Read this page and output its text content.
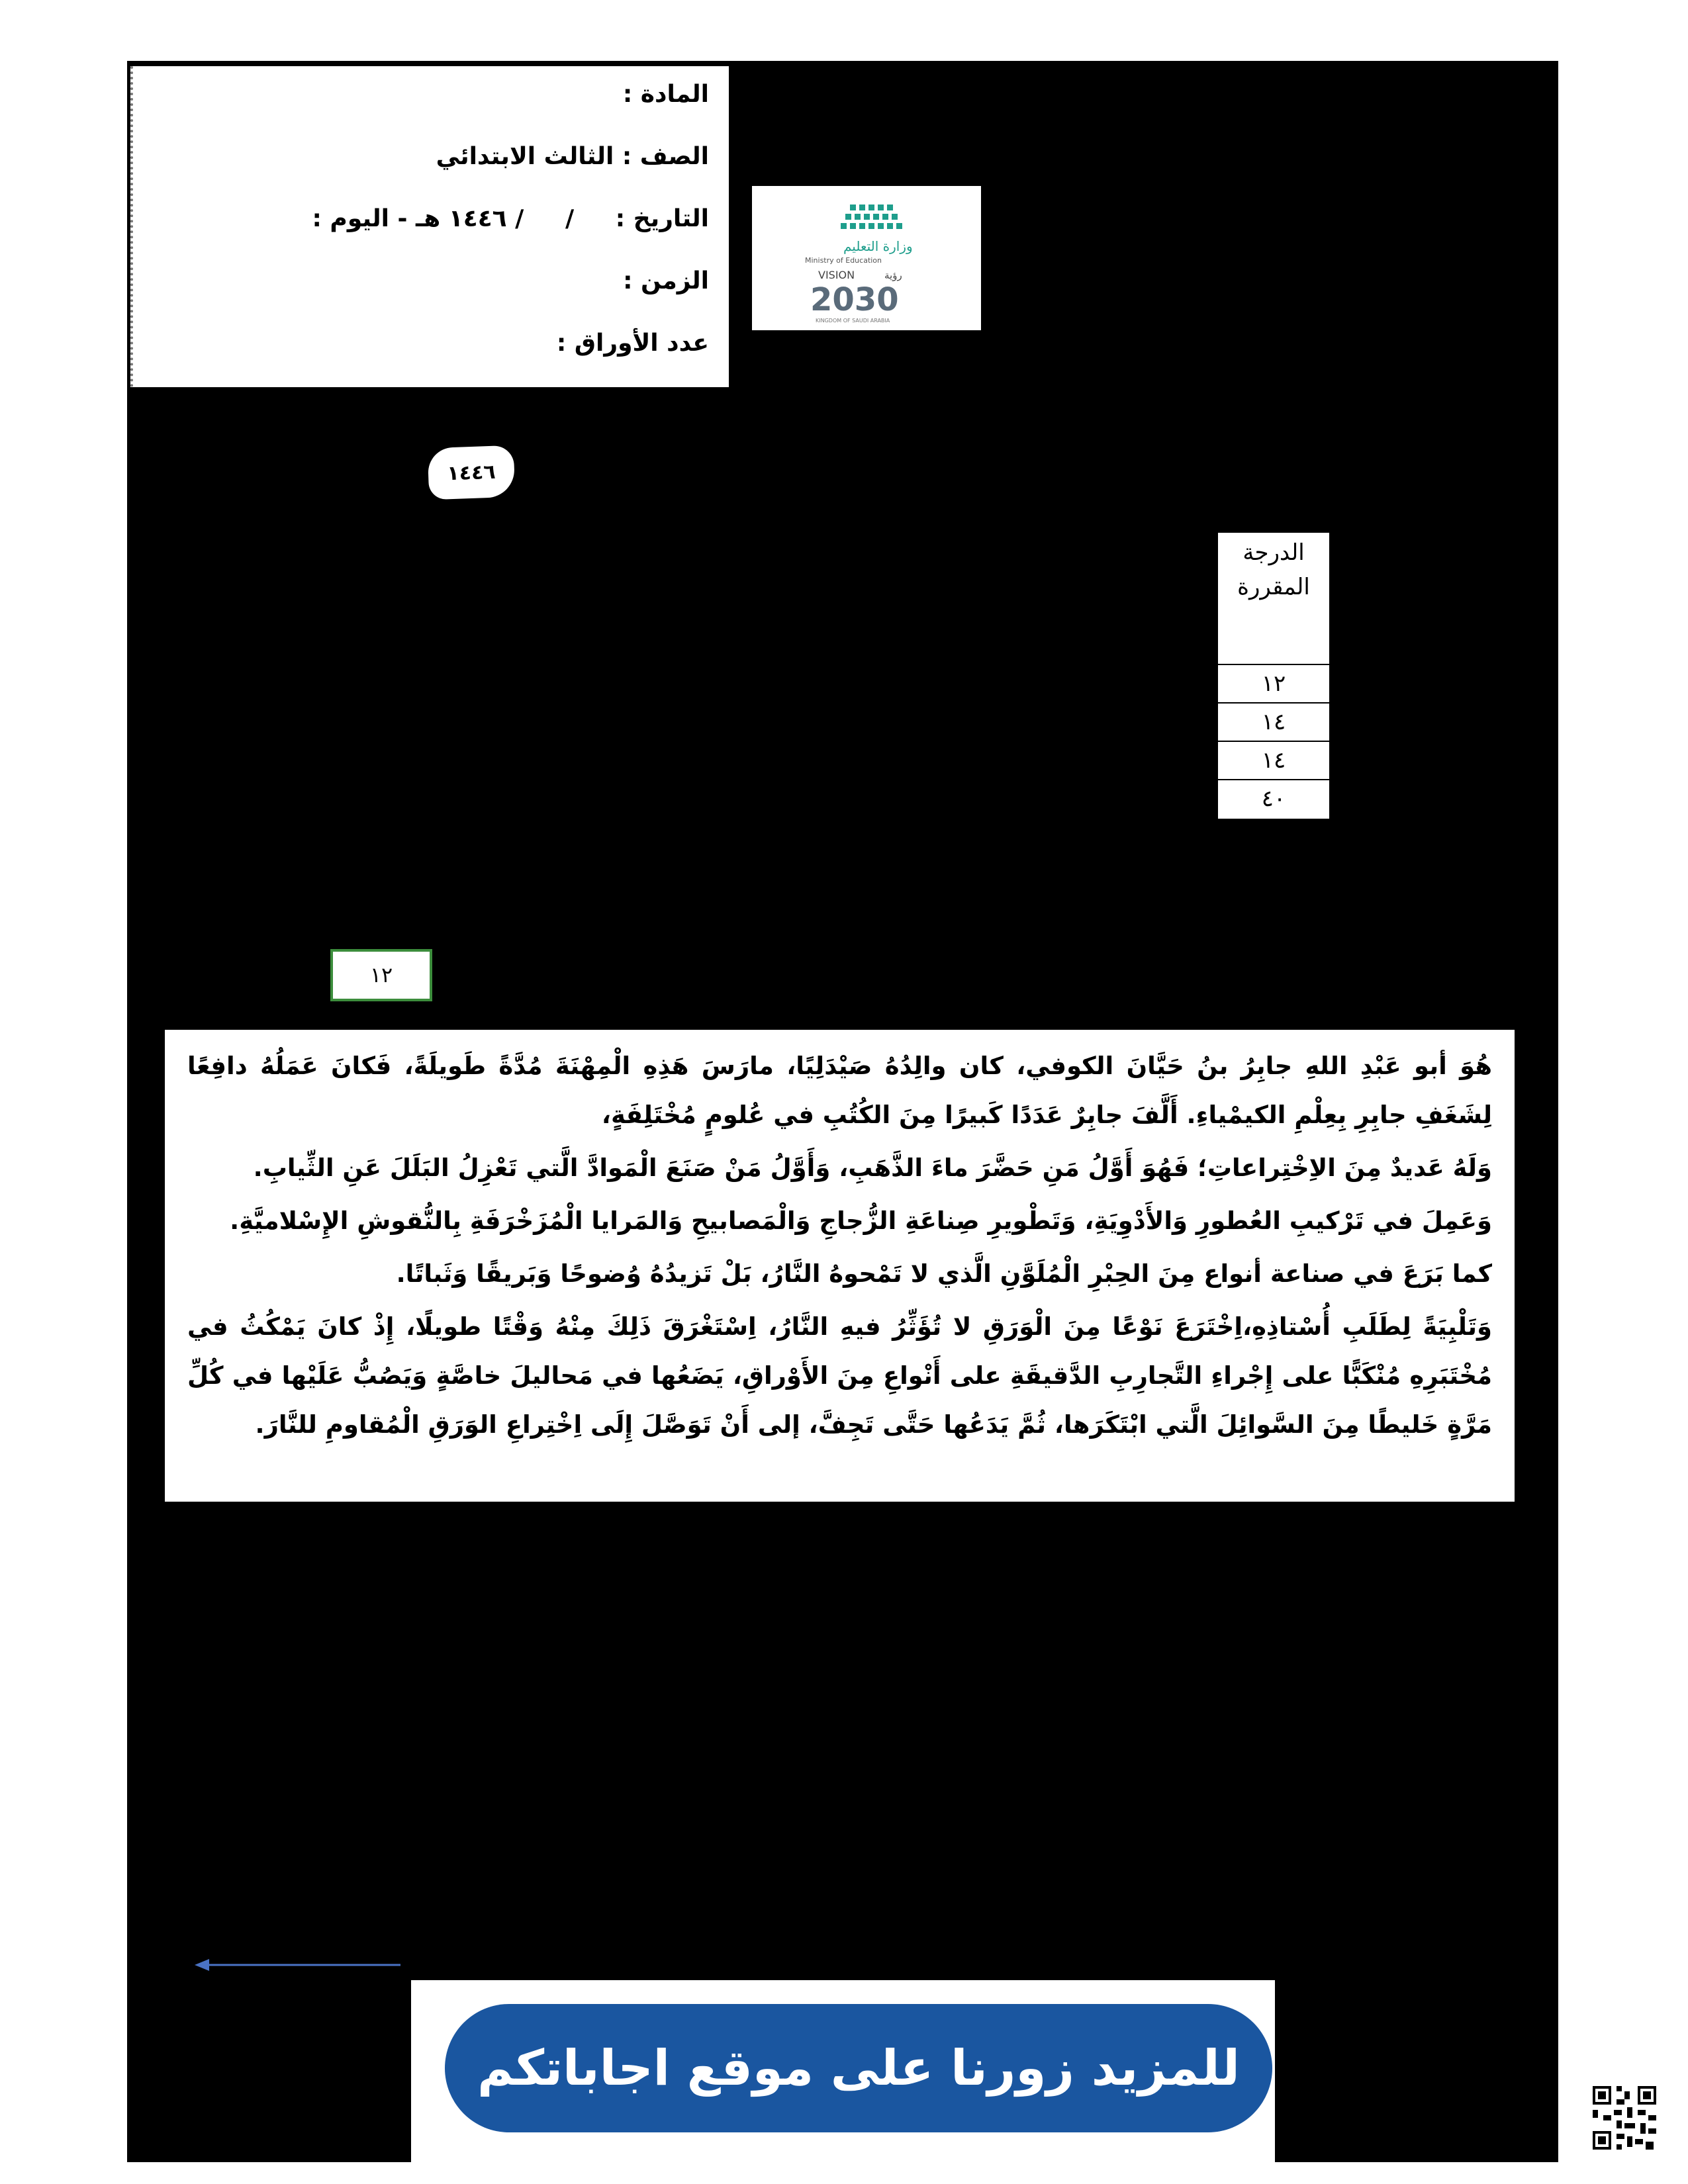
المادة :
الصف : الثالث الابتدائي
التاريخ :     /     / ١٤٤٦ هـ - اليوم :
الزمن :
عدد الأوراق :
وزارة التعليم
Ministry of Education
VISION	رؤية
2030
KINGDOM OF SAUDI ARABIA
١٤٤٦
الدرجة
المقررة
١٢
١٤
١٤
٤٠
١٢

هُوَ أبو عَبْدِ اللهِ جابِرُ بنُ حَيَّانَ الكوفي، كان والِدُهُ صَيْدَلِيًا، مارَسَ هَذِهِ الْمِهْنَةَ مُدَّةً طَويلَةً، فَكانَ عَمَلُهُ دافِعًا لِشَغَفِ جابِرِ بِعِلْمِ الكيمْياءِ. أَلَّفَ جابِرٌ عَدَدًا كَبيرًا مِنَ الكُتُبِ في عُلومٍ مُخْتَلِفَةٍ،

وَلَهُ عَديدٌ مِنَ الاِخْتِراعاتِ؛ فَهُوَ أَوَّلُ مَنِ حَضَّرَ ماءَ الذَّهَبِ، وَأَوَّلُ مَنْ صَنَعَ الْمَوادَّ الَّتي تَعْزِلُ البَلَلَ عَنِ الثِّيابِ.

وَعَمِلَ في تَرْكيبِ العُطورِ وَالأَدْوِيَةِ، وَتَطْويرِ صِناعَةِ الزُّجاجِ وَالْمَصابيحِ وَالمَرايا الْمُزَخْرَفَةِ بِالنُّقوشِ الإِسْلاميَّةِ.

كما بَرَعَ في صناعة أنواع مِنَ الحِبْرِ الْمُلَوَّنِ الَّذي لا تَمْحوهُ النَّارُ، بَلْ تَزيدُهُ وُضوحًا وَبَريقًا وَثَباتًا.

وَتَلْبِيَةً لِطَلَبِ أُسْتاذِهِ،اِخْتَرَعَ نَوْعًا مِنَ الْوَرَقِ لا تُؤَثِّرُ فيهِ النَّارُ، اِسْتَغْرَقَ ذَلِكَ مِنْهُ وَقْتًا طويلًا، إِذْ كانَ يَمْكُثُ في مُخْتَبَرِهِ مُنْكَبًّا على إِجْراءِ التَّجارِبِ الدَّقيقَةِ على أَنْواعِ مِنَ الأَوْراقِ، يَضَعُها في مَحاليلَ خاصَّةٍ وَيَصُبُّ عَلَيْها في كُلِّ مَرَّةٍ خَليطًا مِنَ السَّوائِلَ الَّتي ابْتَكَرَها، ثُمَّ يَدَعُها حَتَّى تَجِفَّ، إلى أَنْ تَوَصَّلَ إِلَى اِخْتِراعِ الوَرَقِ الْمُقاومِ للنَّارَ.

للمزيد زورنا على موقع اجاباتكم
